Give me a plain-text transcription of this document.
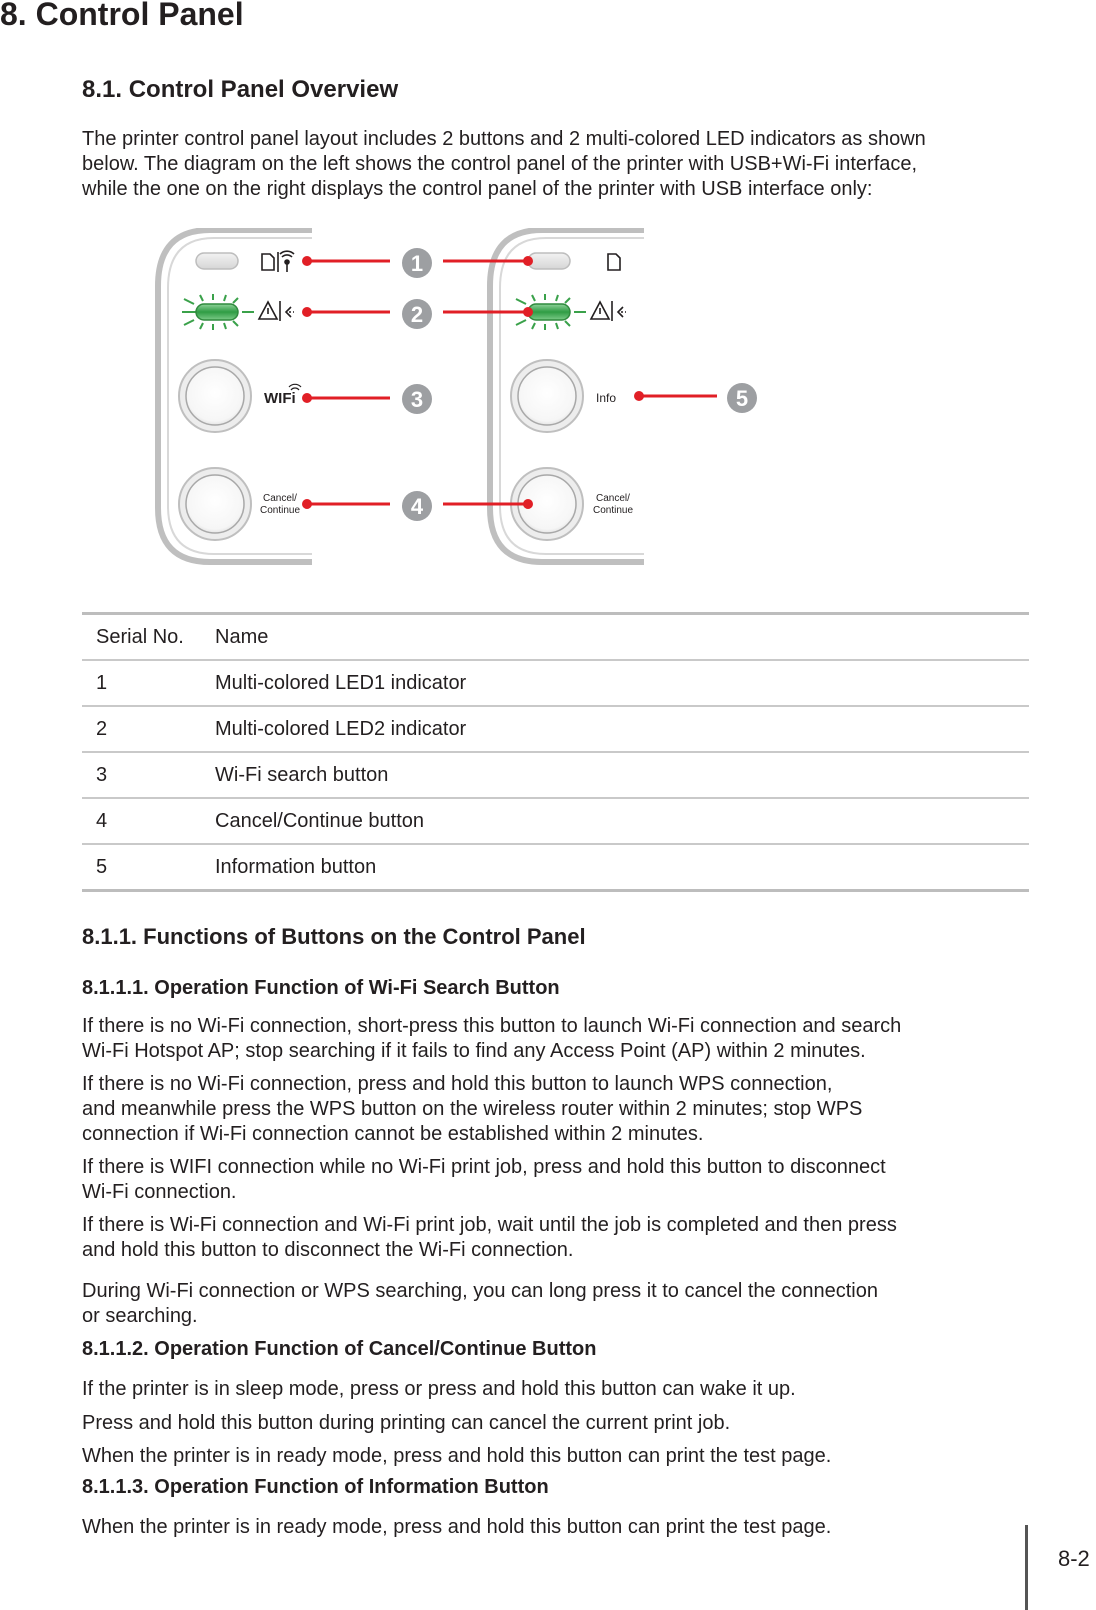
8. Control Panel
8.1. Control Panel Overview
The printer control panel layout includes 2 buttons and 2 multi-colored LED indicators as shown
below. The diagram on the left shows the control panel of the printer with USB+Wi-Fi interface,
while the one on the right displays the control panel of the printer with USB interface only:
WIFi
Cancel/
Continue
Info
Cancel/
Continue
1
2
3
4
5
Serial No.	Name
1	Multi-colored LED1 indicator
2	Multi-colored LED2 indicator
3	Wi-Fi search button
4	Cancel/Continue button
5	Information button
8.1.1. Functions of Buttons on the Control Panel
8.1.1.1. Operation Function of Wi-Fi Search Button
If there is no Wi-Fi connection, short-press this button to launch Wi-Fi connection and search
Wi-Fi Hotspot AP; stop searching if it fails to find any Access Point (AP) within 2 minutes.
If there is no Wi-Fi connection, press and hold this button to launch WPS connection,
and meanwhile press the WPS button on the wireless router within 2 minutes; stop WPS
connection if Wi-Fi connection cannot be established within 2 minutes.
If there is WIFI connection while no Wi-Fi print job, press and hold this button to disconnect
Wi-Fi connection.
If there is Wi-Fi connection and Wi-Fi print job, wait until the job is completed and then press
and hold this button to disconnect the Wi-Fi connection.
During Wi-Fi connection or WPS searching, you can long press it to cancel the connection
or searching.
8.1.1.2. Operation Function of Cancel/Continue Button
If the printer is in sleep mode, press or press and hold this button can wake it up.
Press and hold this button during printing can cancel the current print job.
When the printer is in ready mode, press and hold this button can print the test page.
8.1.1.3. Operation Function of Information Button
When the printer is in ready mode, press and hold this button can print the test page.
8-2
